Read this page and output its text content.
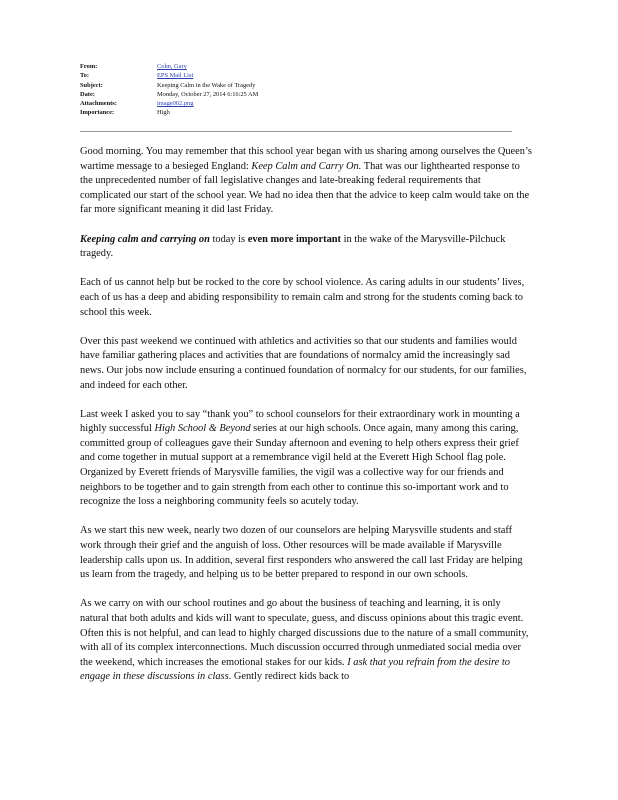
From:	Cohn, Gary
To:	EPS Mail List
Subject:	Keeping Calm in the Wake of Tragedy
Date:	Monday, October 27, 2014 6:16:25 AM
Attachments:	image002.png
Importance:	High

Good morning. You may remember that this school year began with us sharing among ourselves the Queen’s wartime message to a besieged England: Keep Calm and Carry On. That was our lighthearted response to the unprecedented number of fall legislative changes and late-breaking federal requirements that complicated our start of the school year. We had no idea then that the advice to keep calm would take on the far more significant meaning it did last Friday.

Keeping calm and carrying on today is even more important in the wake of the Marysville-Pilchuck tragedy.

Each of us cannot help but be rocked to the core by school violence. As caring adults in our students’ lives, each of us has a deep and abiding responsibility to remain calm and strong for the students coming back to school this week.

Over this past weekend we continued with athletics and activities so that our students and families would have familiar gathering places and activities that are foundations of normalcy amid the increasingly sad news. Our jobs now include ensuring a continued foundation of normalcy for our students, for our families, and indeed for each other.

Last week I asked you to say “thank you” to school counselors for their extraordinary work in mounting a highly successful High School & Beyond series at our high schools. Once again, many among this caring, committed group of colleagues gave their Sunday afternoon and evening to help others express their grief and come together in mutual support at a remembrance vigil held at the Everett High School flag pole. Organized by Everett friends of Marysville families, the vigil was a collective way for our friends and neighbors to be together and to gain strength from each other to continue this so-important work and to recognize the loss a neighboring community feels so acutely today.

As we start this new week, nearly two dozen of our counselors are helping Marysville students and staff work through their grief and the anguish of loss. Other resources will be made available if Marysville leadership calls upon us. In addition, several first responders who answered the call last Friday are helping us learn from the tragedy, and helping us to be better prepared to respond in our own schools.

As we carry on with our school routines and go about the business of teaching and learning, it is only natural that both adults and kids will want to speculate, guess, and discuss opinions about this tragic event. Often this is not helpful, and can lead to highly charged discussions due to the nature of a small community, with all of its complex interconnections. Much discussion occurred through unmediated social media over the weekend, which increases the emotional stakes for our kids. I ask that you refrain from the desire to engage in these discussions in class. Gently redirect kids back to
